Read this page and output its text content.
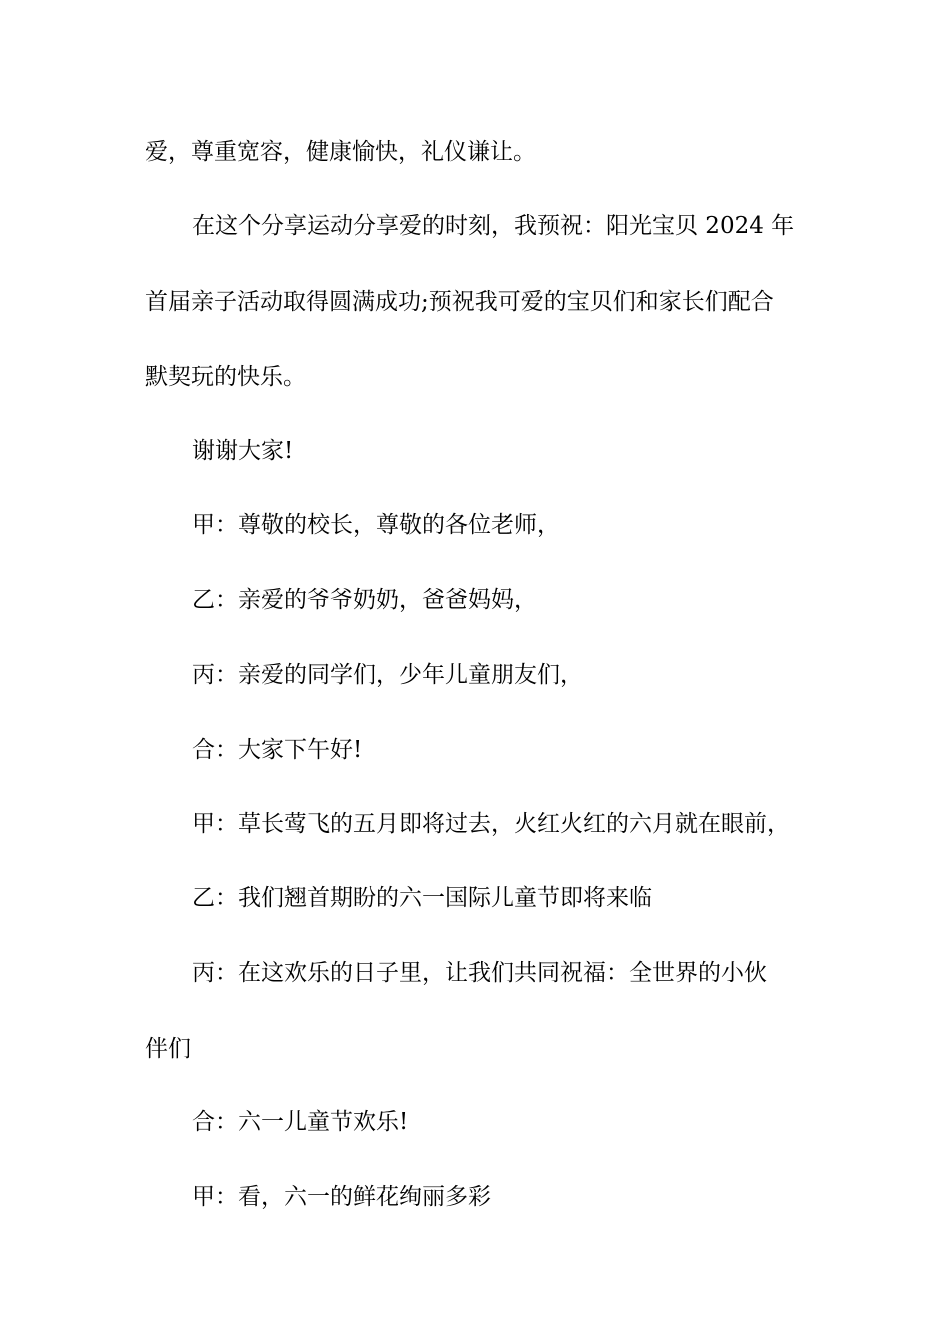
爱，尊重宽容，健康愉快，礼仪谦让。

在这个分享运动分享爱的时刻，我预祝：阳光宝贝 2024 年

首届亲子活动取得圆满成功;预祝我可爱的宝贝们和家长们配合

默契玩的快乐。

谢谢大家!

甲：尊敬的校长，尊敬的各位老师，

乙：亲爱的爷爷奶奶，爸爸妈妈，

丙：亲爱的同学们，少年儿童朋友们，

合：大家下午好!

甲：草长莺飞的五月即将过去，火红火红的六月就在眼前，

乙：我们翘首期盼的六一国际儿童节即将来临

丙：在这欢乐的日子里，让我们共同祝福：全世界的小伙

伴们

合：六一儿童节欢乐!

甲：看，六一的鲜花绚丽多彩
